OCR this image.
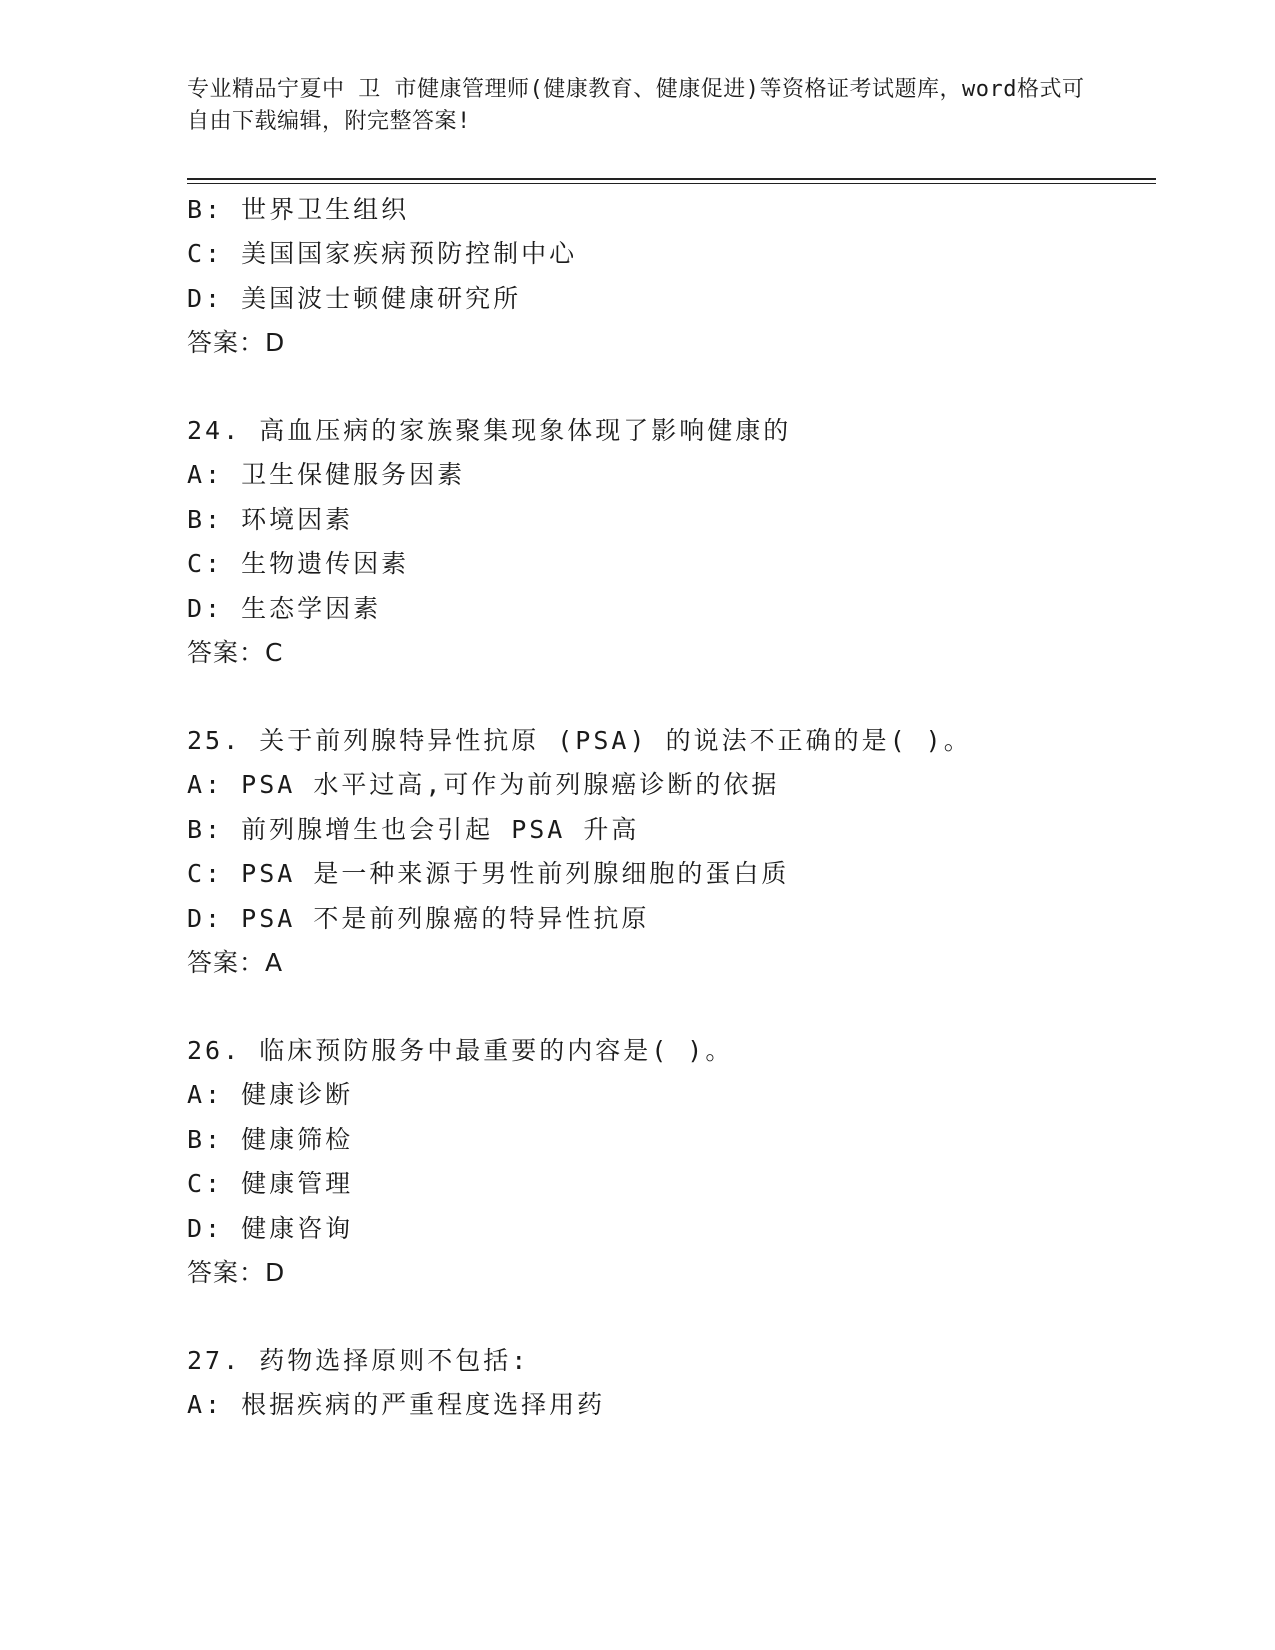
专业精品宁夏中 卫 市健康管理师(健康教育、健康促进)等资格证考试题库，word格式可自由下载编辑，附完整答案!
B: 世界卫生组织
C: 美国国家疾病预防控制中心
D: 美国波士顿健康研究所
答案：D
24. 高血压病的家族聚集现象体现了影响健康的
A: 卫生保健服务因素
B: 环境因素
C: 生物遗传因素
D: 生态学因素
答案：C
25. 关于前列腺特异性抗原 (PSA) 的说法不正确的是( )。
A: PSA 水平过高,可作为前列腺癌诊断的依据
B: 前列腺增生也会引起 PSA 升高
C: PSA 是一种来源于男性前列腺细胞的蛋白质
D: PSA 不是前列腺癌的特异性抗原
答案：A
26. 临床预防服务中最重要的内容是( )。
A: 健康诊断
B: 健康筛检
C: 健康管理
D: 健康咨询
答案：D
27. 药物选择原则不包括:
A: 根据疾病的严重程度选择用药
